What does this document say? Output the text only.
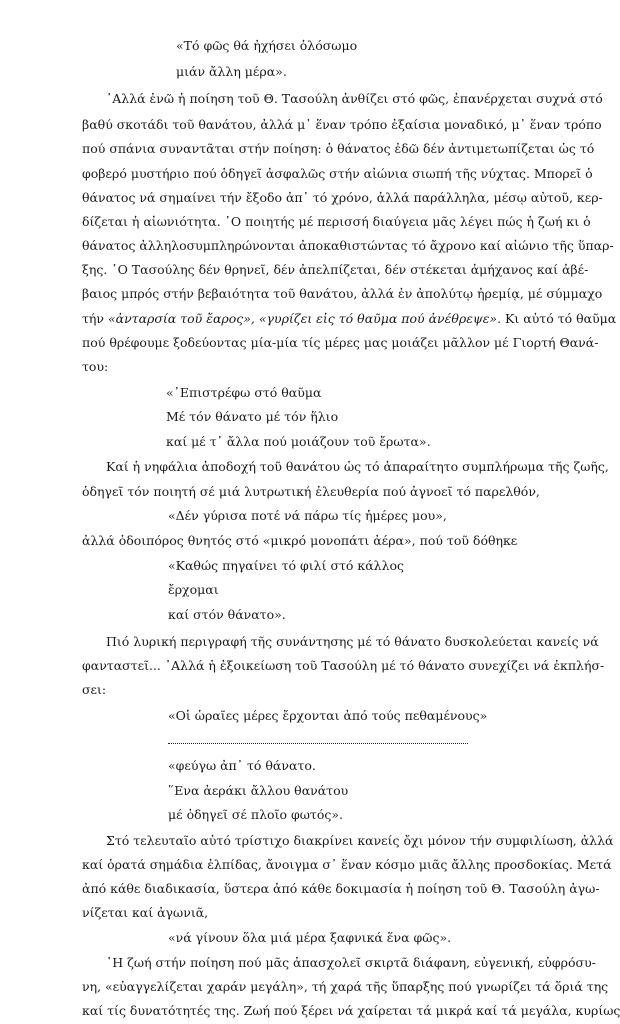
«Τό φῶς θά ἠχήσει ὁλόσωμο

μιάν ἄλλη μέρα».

᾿Αλλά ἐνῶ ἡ ποίηση τοῦ Θ. Τασούλη ἀνθίζει στό φῶς, ἐπανέρχεται συχνά στό

βαθύ σκοτάδι τοῦ θανάτου, ἀλλά μ᾿ ἕναν τρόπο ἐξαίσια μοναδικό, μ᾿ ἕναν τρόπο

πού σπάνια συναντᾶται στήν ποίηση: ὁ θάνατος ἐδῶ δέν ἀντιμετωπίζεται ὡς τό

φοβερό μυστήριο πού ὁδηγεῖ ἀσφαλῶς στήν αἰώνια σιωπή τῆς νύχτας. Μπορεῖ ὁ

θάνατος νά σημαίνει τήν ἔξοδο ἀπ᾿ τό χρόνο, ἀλλά παράλληλα, μέσῳ αὐτοῦ, κερ-

δίζεται ἡ αἰωνιότητα. ῾Ο ποιητής μέ περισσή διαύγεια μᾶς λέγει πώς ἡ ζωή κι ὁ

θάνατος ἀλληλοσυμπληρώνονται ἀποκαθιστώντας τό ἄχρονο καί αἰώνιο τῆς ὕπαρ-

ξης. ῾Ο Τασούλης δέν θρηνεῖ, δέν ἀπελπίζεται, δέν στέκεται ἀμήχανος καί ἀβέ-

βαιος μπρός στήν βεβαιότητα τοῦ θανάτου, ἀλλά ἐν ἀπολύτῳ ἠρεμίᾳ, μέ σύμμαχο

τήν «ἀνταρσία τοῦ ἔαρος», «γυρίζει εἰς τό θαῦμα πού ἀνέθρεψε». Κι αὐτό τό θαῦμα

πού θρέφουμε ξοδεύοντας μία-μία τίς μέρες μας μοιάζει μᾶλλον μέ Γιορτή Θανά-

του:

«᾿Επιστρέφω στό θαῦμα

Μέ τόν θάνατο μέ τόν ἥλιο

καί μέ τ᾿ ἄλλα πού μοιάζουν τοῦ ἔρωτα».

Καί ἡ νηφάλια ἀποδοχή τοῦ θανάτου ὡς τό ἀπαραίτητο συμπλήρωμα τῆς ζωῆς,

ὁδηγεῖ τόν ποιητή σέ μιά λυτρωτική ἐλευθερία πού ἀγνοεῖ τό παρελθόν,

«Δέν γύρισα ποτέ νά πάρω τίς ἡμέρες μου»,

ἀλλά ὁδοιπόρος θνητός στό «μικρό μονοπάτι ἀέρα», πού τοῦ δόθηκε

«Καθώς πηγαίνει τό φιλί στό κάλλος

ἔρχομαι

καί στόν θάνατο».

Πιό λυρική περιγραφή τῆς συνάντησης μέ τό θάνατο δυσκολεύεται κανείς νά

φανταστεῖ... ᾿Αλλά ἡ ἐξοικείωση τοῦ Τασούλη μέ τό θάνατο συνεχίζει νά ἐκπλήσ-

σει:

«Οἱ ὡραῖες μέρες ἔρχονται ἀπό τούς πεθαμένους»

«φεύγω ἀπ᾿ τό θάνατο.

῞Ενα ἀεράκι ἄλλου θανάτου

μέ ὁδηγεῖ σέ πλοῖο φωτός».

Στό τελευταῖο αὐτό τρίστιχο διακρίνει κανείς ὄχι μόνον τήν συμφιλίωση, ἀλλά

καί ὁρατά σημάδια ἐλπίδας, ἄνοιγμα σ᾿ ἕναν κόσμο μιᾶς ἄλλης προσδοκίας. Μετά

ἀπό κάθε διαδικασία, ὕστερα ἀπό κάθε δοκιμασία ἡ ποίηση τοῦ Θ. Τασούλη ἀγω-

νίζεται καί ἀγωνιᾶ,

«νά γίνουν ὅλα μιά μέρα ξαφνικά ἕνα φῶς».

῾Η ζωή στήν ποίηση πού μᾶς ἀπασχολεῖ σκιρτᾶ διάφανη, εὐγενική, εὐφρόσυ-

νη, «εὐαγγελίζεται χαράν μεγάλη», τή χαρά τῆς ὕπαρξης πού γνωρίζει τά ὅριά της

καί τίς δυνατότητές της. Ζωή πού ξέρει νά χαίρεται τά μικρά καί τά μεγάλα, κυρίως
